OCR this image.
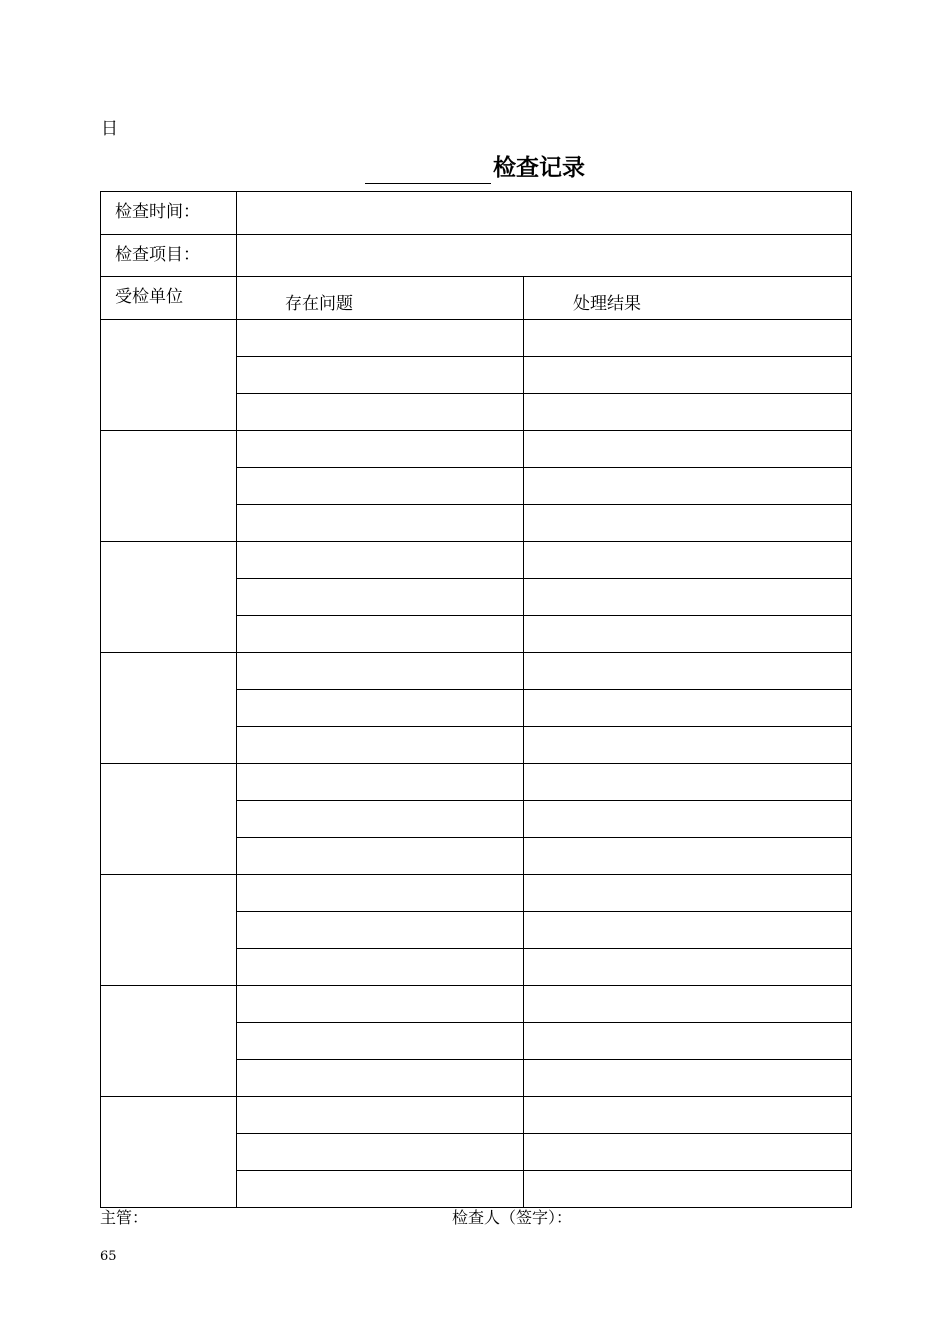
日
检查记录
检查时间：		
检查项目：		
受检单位	存在问题	处理结果

主管：	检查人（签字）：
65
